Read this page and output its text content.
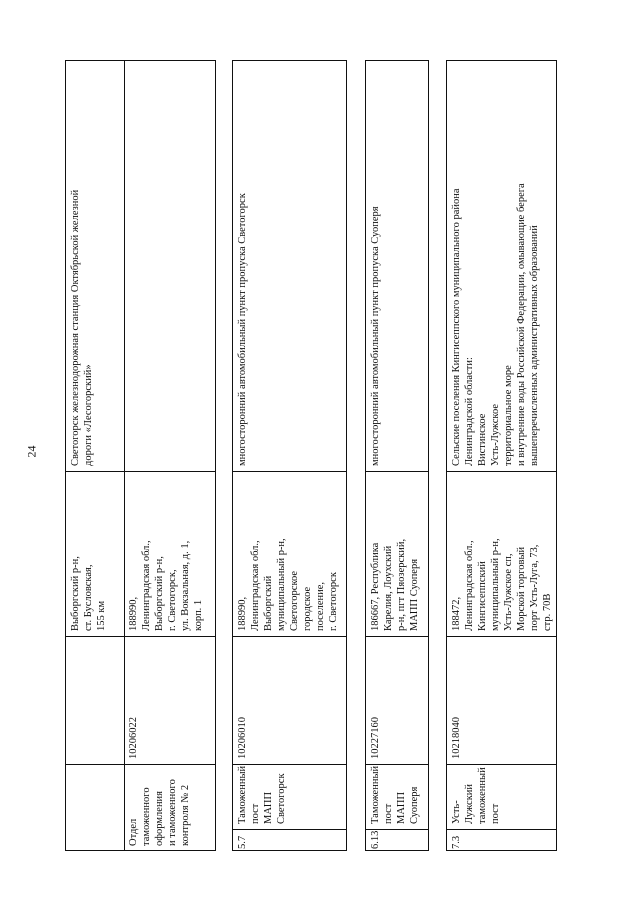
24	Светогорск железнодорожная станция Октябрьской железной
дороги «Лесогорский»
Выборгский р-н,
ст. Бусловская,
155 км 188990,
Ленинградская обл.,
Выборгский р-н,
г. Светогорск,
ул. Вокзальная, д. 1,
корп. 1
10206022
Отдел таможенного
оформления
и таможенного
контроля № 2
многосторонний автомобильный пункт пропуска Светогорск
188990,
Ленинградская обл.,
Выборгский
муниципальный р-н,
Светогорское
городское
поселение,
г. Светогорск
10206010
Таможенный пост
МАПП Светогорск
5.7
многосторонний автомобильный пункт пропуска Суоперя
186667, Республика
Карелия, Лоухский
р-н, пгт Пяозерский,
МАПП Суоперя
10227160
Таможенный пост
МАПП Суоперя
6.13
Сельские поселения Кингисеппского муниципального района
Ленинградской области:
Вистинское
Усть-Лужское
территориальное море
и внутренние воды Российской Федерации, омывающие берега
вышеперечисленных административных образований
188472,
Ленинградская обл.,
Кингисеппский
муниципальный р-н,
Усть-Лужское сп,
Морской торговый
порт Усть-Луга, 73,
стр. 70В
10218040
Усть-Лужский
таможенный пост
7.3
